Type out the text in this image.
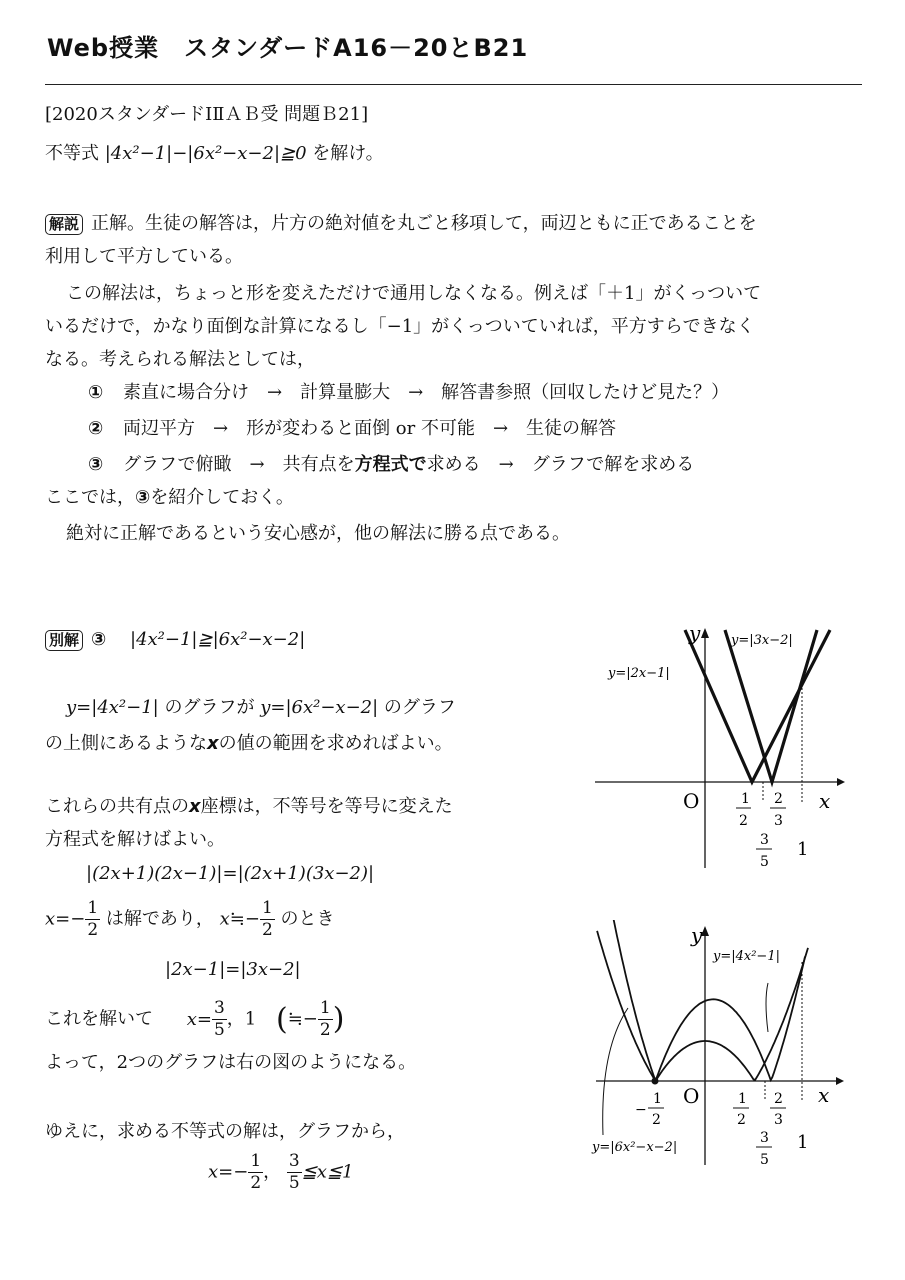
Web授業　スタンダードA16－20とB21
[2020スタンダードⅠⅡＡＢ受 問題Ｂ21]
不等式 |4x²−1|−|6x²−x−2|≧0 を解け。
解説 正解。生徒の解答は，片方の絶対値を丸ごと移項して，両辺ともに正であることを
利用して平方している。
この解法は，ちょっと形を変えただけで通用しなくなる。例えば「＋1」がくっついて
いるだけで，かなり面倒な計算になるし「−1」がくっついていれば，平方すらできなく
なる。考えられる解法としては，
① 素直に場合分け　→　計算量膨大　→　解答書参照（回収したけど見た？）
② 両辺平方　→　形が変わると面倒 or 不可能　→　生徒の解答
③ グラフで俯瞰　→　共有点を方程式で求める　→　グラフで解を求める
ここでは，③を紹介しておく。
絶対に正解であるという安心感が，他の解法に勝る点である。
別解 ③ |4x²−1|≧|6x²−x−2|
y=|4x²−1| のグラフが y=|6x²−x−2| のグラフ
の上側にあるようなxの値の範囲を求めればよい。
これらの共有点のx座標は，不等号を等号に変えた
方程式を解けばよい。
|(2x+1)(2x−1)|=|(2x+1)(3x−2)|
$x=- \frac{1}{2}$ は解であり， x≒− $\frac{1}{2}$ のとき
|2x−1|=|3x−2|
これを解いて $x= \frac{3}{5}$ ，1 (≒− $\frac{1}{2}$ )
よって，2つのグラフは右の図のようになる。
ゆえに，求める不等式の解は，グラフから，
$x=- \frac{1}{2}$ ， $\frac{3}{5}$ ≦x≦1
y=|2x−1|
y=|3x−2|
y
x
O	1
2
2
3
3
5
1
y
x
y=|4x²−1|
y=|6x²−x−2|
O
−
1
2
1
2
2
3
3
5
1
